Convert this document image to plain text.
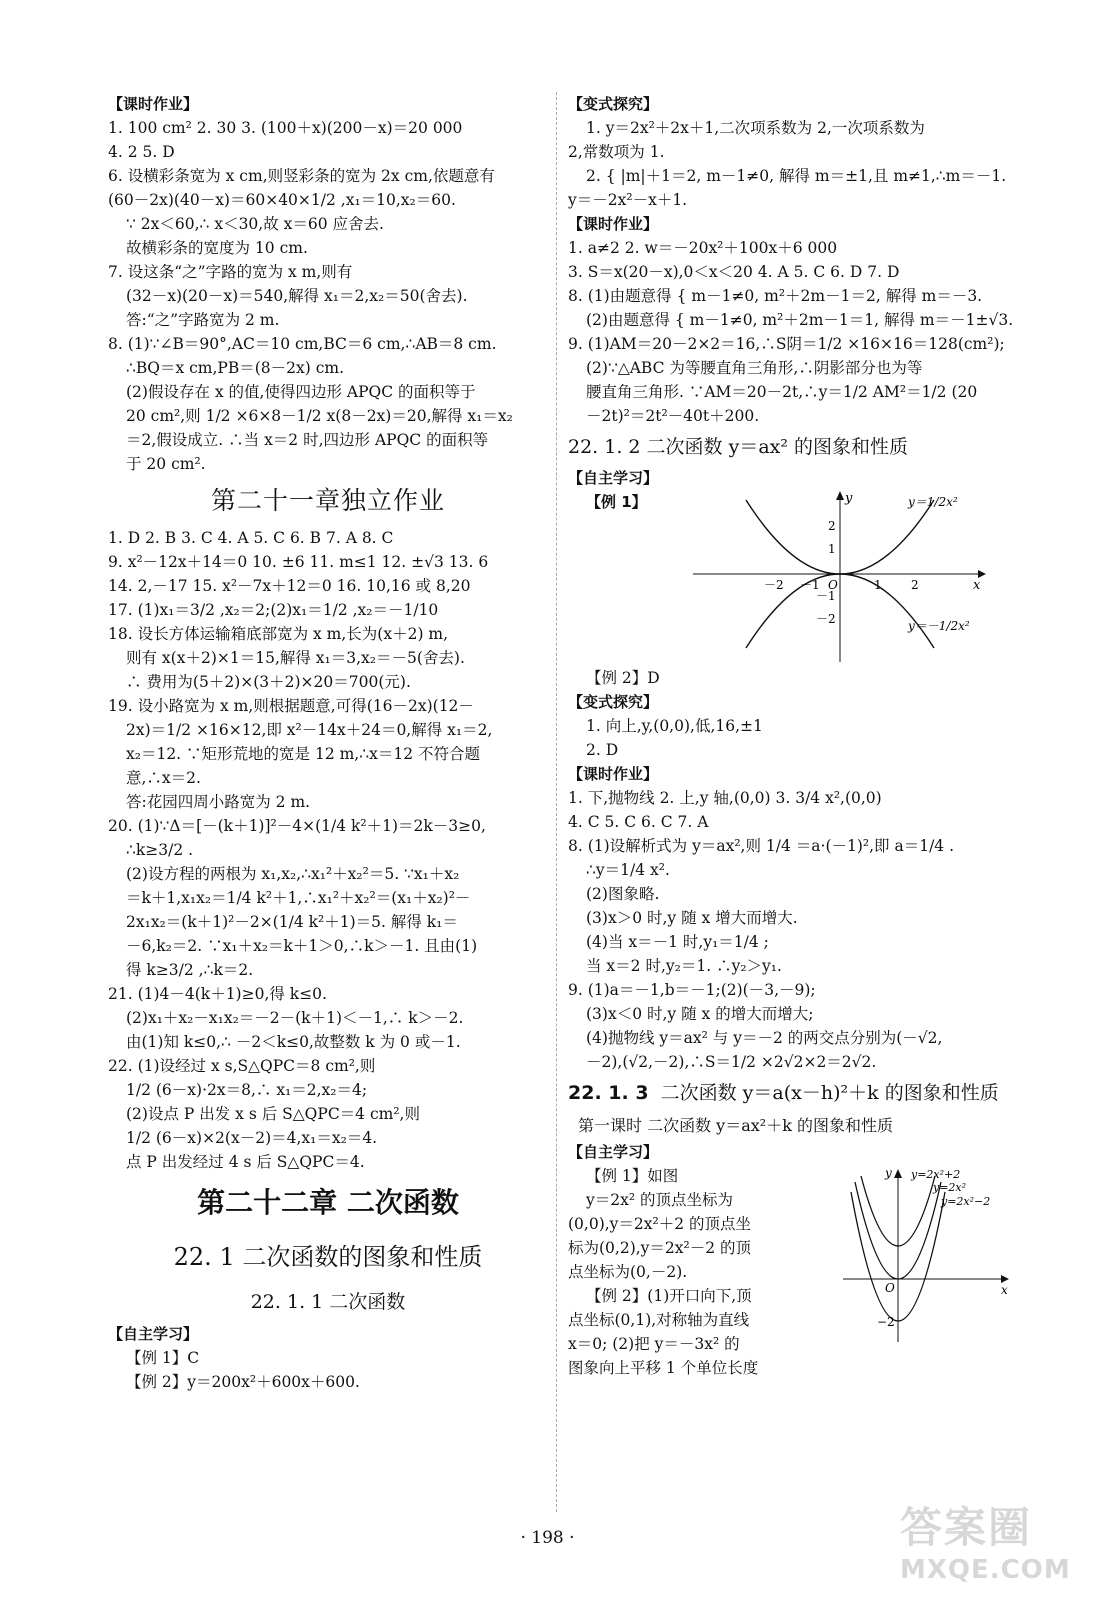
【课时作业】
1. 100 cm² 2. 30 3. (100＋x)(200－x)＝20 000
4. 2 5. D
6. 设横彩条宽为 x cm,则竖彩条的宽为 2x cm,依题意有
(60－2x)(40－x)＝60×40×1/2 ,x₁＝10,x₂＝60.
∵ 2x＜60,∴ x＜30,故 x＝60 应舍去.
故横彩条的宽度为 10 cm.
7. 设这条“之”字路的宽为 x m,则有
(32－x)(20－x)＝540,解得 x₁＝2,x₂＝50(舍去).
答:“之”字路宽为 2 m.
8. (1)∵∠B＝90°,AC＝10 cm,BC＝6 cm,∴AB＝8 cm.
∴BQ＝x cm,PB＝(8－2x) cm.
(2)假设存在 x 的值,使得四边形 APQC 的面积等于
20 cm²,则 1/2 ×6×8－1/2 x(8－2x)＝20,解得 x₁＝x₂
＝2,假设成立. ∴当 x＝2 时,四边形 APQC 的面积等
于 20 cm².
第二十一章独立作业
1. D 2. B 3. C 4. A 5. C 6. B 7. A 8. C
9. x²－12x＋14＝0 10. ±6 11. m≤1 12. ±√3 13. 6
14. 2,－17 15. x²－7x＋12＝0 16. 10,16 或 8,20
17. (1)x₁＝3/2 ,x₂＝2;(2)x₁＝1/2 ,x₂＝－1/10
18. 设长方体运输箱底部宽为 x m,长为(x＋2) m,
则有 x(x＋2)×1＝15,解得 x₁＝3,x₂＝－5(舍去).
∴ 费用为(5＋2)×(3＋2)×20＝700(元).
19. 设小路宽为 x m,则根据题意,可得(16－2x)(12－
2x)＝1/2 ×16×12,即 x²－14x＋24＝0,解得 x₁＝2,
x₂＝12. ∵矩形荒地的宽是 12 m,∴x＝12 不符合题
意,∴x＝2.
答:花园四周小路宽为 2 m.
20. (1)∵Δ＝[－(k＋1)]²－4×(1/4 k²＋1)＝2k－3≥0,
∴k≥3/2 .
(2)设方程的两根为 x₁,x₂,∴x₁²＋x₂²＝5. ∵x₁＋x₂
＝k＋1,x₁x₂＝1/4 k²＋1,∴x₁²＋x₂²＝(x₁＋x₂)²－
2x₁x₂＝(k＋1)²－2×(1/4 k²＋1)＝5. 解得 k₁＝
－6,k₂＝2. ∵x₁＋x₂＝k＋1＞0,∴k＞－1. 且由(1)
得 k≥3/2 ,∴k＝2.
21. (1)4－4(k＋1)≥0,得 k≤0.
(2)x₁＋x₂－x₁x₂＝－2－(k＋1)＜－1,∴ k＞－2.
由(1)知 k≤0,∴ －2＜k≤0,故整数 k 为 0 或－1.
22. (1)设经过 x s,S△QPC＝8 cm²,则
1/2 (6－x)·2x＝8,∴ x₁＝2,x₂＝4;
(2)设点 P 出发 x s 后 S△QPC＝4 cm²,则
1/2 (6－x)×2(x－2)＝4,x₁＝x₂＝4.
点 P 出发经过 4 s 后 S△QPC＝4.
第二十二章 二次函数
22. 1 二次函数的图象和性质
22. 1. 1 二次函数
【自主学习】
【例 1】C
【例 2】y＝200x²＋600x＋600.
【变式探究】
1. y＝2x²＋2x＋1,二次项系数为 2,一次项系数为
2,常数项为 1.
2. { |m|＋1＝2, m－1≠0, 解得 m＝±1,且 m≠1,∴m＝－1.
y＝－2x²－x＋1.
【课时作业】
1. a≠2 2. w＝－20x²＋100x＋6 000
3. S＝x(20－x),0＜x＜20 4. A 5. C 6. D 7. D
8. (1)由题意得 { m－1≠0, m²＋2m－1＝2, 解得 m＝－3.
(2)由题意得 { m－1≠0, m²＋2m－1＝1, 解得 m＝－1±√3.
9. (1)AM＝20－2×2＝16,∴S阴＝1/2 ×16×16＝128(cm²);
(2)∵△ABC 为等腰直角三角形,∴阴影部分也为等
腰直角三角形. ∵AM＝20－2t,∴y＝1/2 AM²＝1/2 (20
－2t)²＝2t²－40t＋200.
22. 1. 2 二次函数 y＝ax² 的图象和性质
【自主学习】
【例 1】
x
y
－2 －1 O	1 2
2
1
－1
－2
y＝1/2x²
y＝－1/2x²
【例 2】D
【变式探究】
1. 向上,y,(0,0),低,16,±1
2. D
【课时作业】
1. 下,抛物线 2. 上,y 轴,(0,0) 3. 3/4 x²,(0,0)
4. C 5. C 6. C 7. A
8. (1)设解析式为 y＝ax²,则 1/4 ＝a·(－1)²,即 a＝1/4 .
∴y＝1/4 x².
(2)图象略.
(3)x＞0 时,y 随 x 增大而增大.
(4)当 x＝－1 时,y₁＝1/4 ;
当 x＝2 时,y₂＝1. ∴y₂＞y₁.
9. (1)a＝－1,b＝－1;(2)(－3,－9);
(3)x＜0 时,y 随 x 的增大而增大;
(4)抛物线 y＝ax² 与 y＝－2 的两交点分别为(－√2,
－2),(√2,－2),∴S＝1/2 ×2√2×2＝2√2.
22. 1. 3 二次函数 y＝a(x－h)²＋k 的图象和性质
第一课时 二次函数 y＝ax²＋k 的图象和性质
【自主学习】
【例 1】如图
y＝2x² 的顶点坐标为
(0,0),y＝2x²＋2 的顶点坐
标为(0,2),y＝2x²－2 的顶
点坐标为(0,－2).
【例 2】(1)开口向下,顶
点坐标(0,1),对称轴为直线
x＝0; (2)把 y＝－3x² 的
图象向上平移 1 个单位长度
y=2x²+2
y=2x²
y=2x²−2
y
x
O
−2
· 198 ·	答案圈
MXQE.COM
